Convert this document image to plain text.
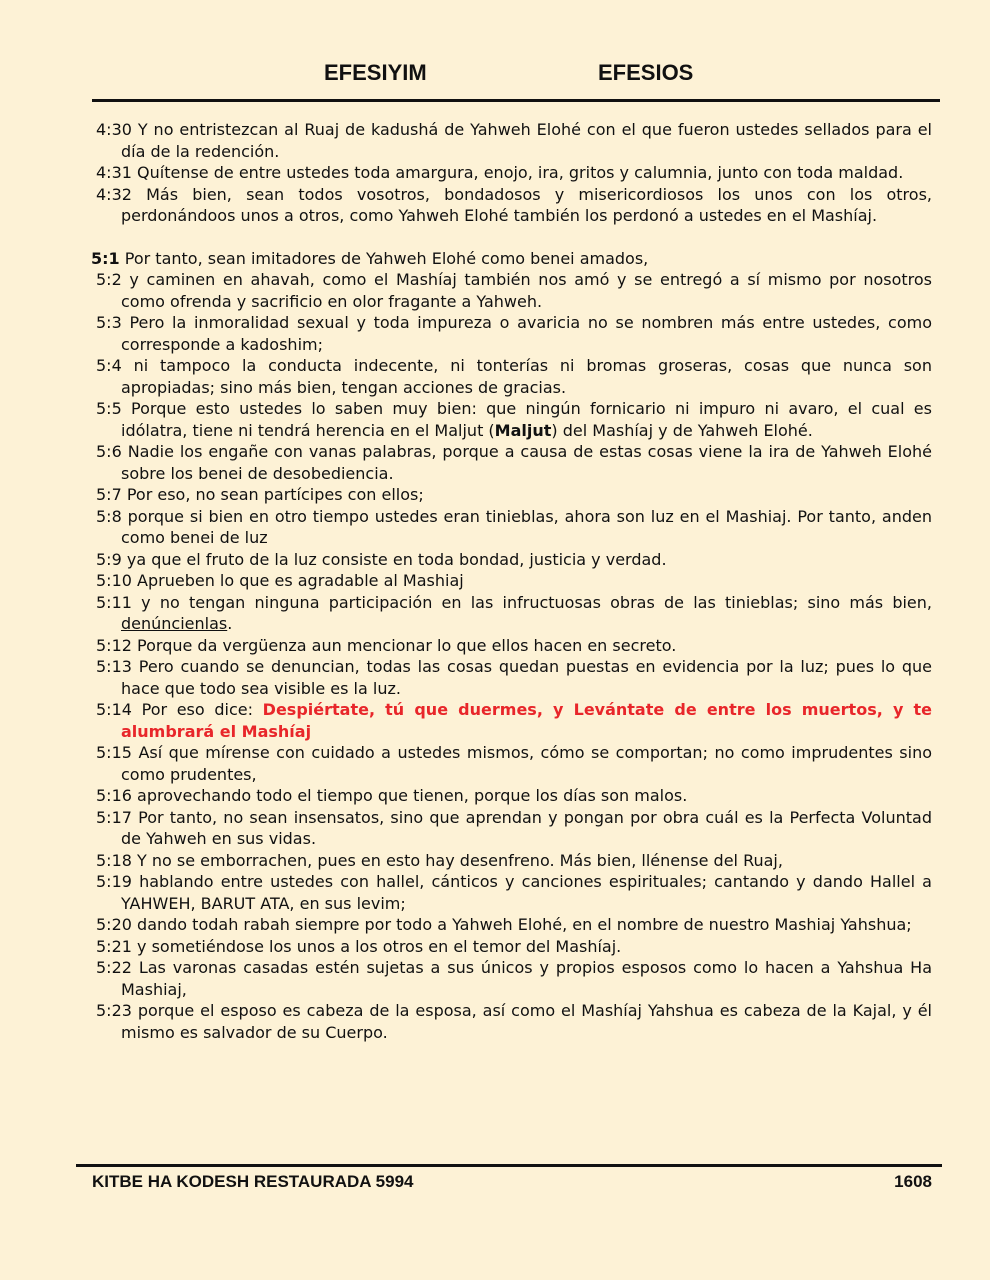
EFESIYIM	EFESIOS

4:30 Y no entristezcan al Ruaj de kadushá de Yahweh Elohé con el que fueron ustedes sellados para el día de la redención.

4:31 Quítense de entre ustedes toda amargura, enojo, ira, gritos y calumnia, junto con toda maldad.

4:32 Más bien, sean todos vosotros, bondadosos y misericordiosos los unos con los otros, perdonándoos unos a otros, como Yahweh Elohé también los perdonó a ustedes en el Mashíaj.

5:1 Por tanto, sean imitadores de Yahweh Elohé como benei amados,

5:2 y caminen en ahavah, como el Mashíaj también nos amó y se entregó a sí mismo por nosotros como ofrenda y sacrificio en olor fragante a Yahweh.

5:3 Pero la inmoralidad sexual y toda impureza o avaricia no se nombren más entre ustedes, como corresponde a kadoshim;

5:4 ni tampoco la conducta indecente, ni tonterías ni bromas groseras, cosas que nunca son apropiadas; sino más bien, tengan acciones de gracias.

5:5 Porque esto ustedes lo saben muy bien: que ningún fornicario ni impuro ni avaro, el cual es idólatra, tiene ni tendrá herencia en el Maljut (Maljut) del Mashíaj y de Yahweh Elohé.

5:6 Nadie los engañe con vanas palabras, porque a causa de estas cosas viene la ira de Yahweh Elohé sobre los benei de desobediencia.

5:7 Por eso, no sean partícipes con ellos;

5:8 porque si bien en otro tiempo ustedes eran tinieblas, ahora son luz en el Mashiaj. Por tanto, anden como benei de luz

5:9 ya que el fruto de la luz consiste en toda bondad, justicia y verdad.

5:10 Aprueben lo que es agradable al Mashiaj

5:11 y no tengan ninguna participación en las infructuosas obras de las tinieblas; sino más bien, denúncienlas.

5:12 Porque da vergüenza aun mencionar lo que ellos hacen en secreto.

5:13 Pero cuando se denuncian, todas las cosas quedan puestas en evidencia por la luz; pues lo que hace que todo sea visible es la luz.

5:14 Por eso dice: Despiértate, tú que duermes, y Levántate de entre los muertos, y te alumbrará el Mashíaj

5:15 Así que mírense con cuidado a ustedes mismos, cómo se comportan; no como imprudentes sino como prudentes,

5:16 aprovechando todo el tiempo que tienen, porque los días son malos.

5:17 Por tanto, no sean insensatos, sino que aprendan y pongan por obra cuál es la Perfecta Voluntad de Yahweh en sus vidas.

5:18 Y no se emborrachen, pues en esto hay desenfreno. Más bien, llénense del Ruaj,

5:19 hablando entre ustedes con hallel, cánticos y canciones espirituales; cantando y dando Hallel a YAHWEH, BARUT ATA, en sus levim;

5:20 dando todah rabah siempre por todo a Yahweh Elohé, en el nombre de nuestro Mashiaj Yahshua;

5:21 y sometiéndose los unos a los otros en el temor del Mashíaj.

5:22 Las varonas casadas estén sujetas a sus únicos y propios esposos como lo hacen a Yahshua Ha Mashiaj,

5:23 porque el esposo es cabeza de la esposa, así como el Mashíaj Yahshua es cabeza de la Kajal, y él mismo es salvador de su Cuerpo.

KITBE HA KODESH RESTAURADA 5994	1608
